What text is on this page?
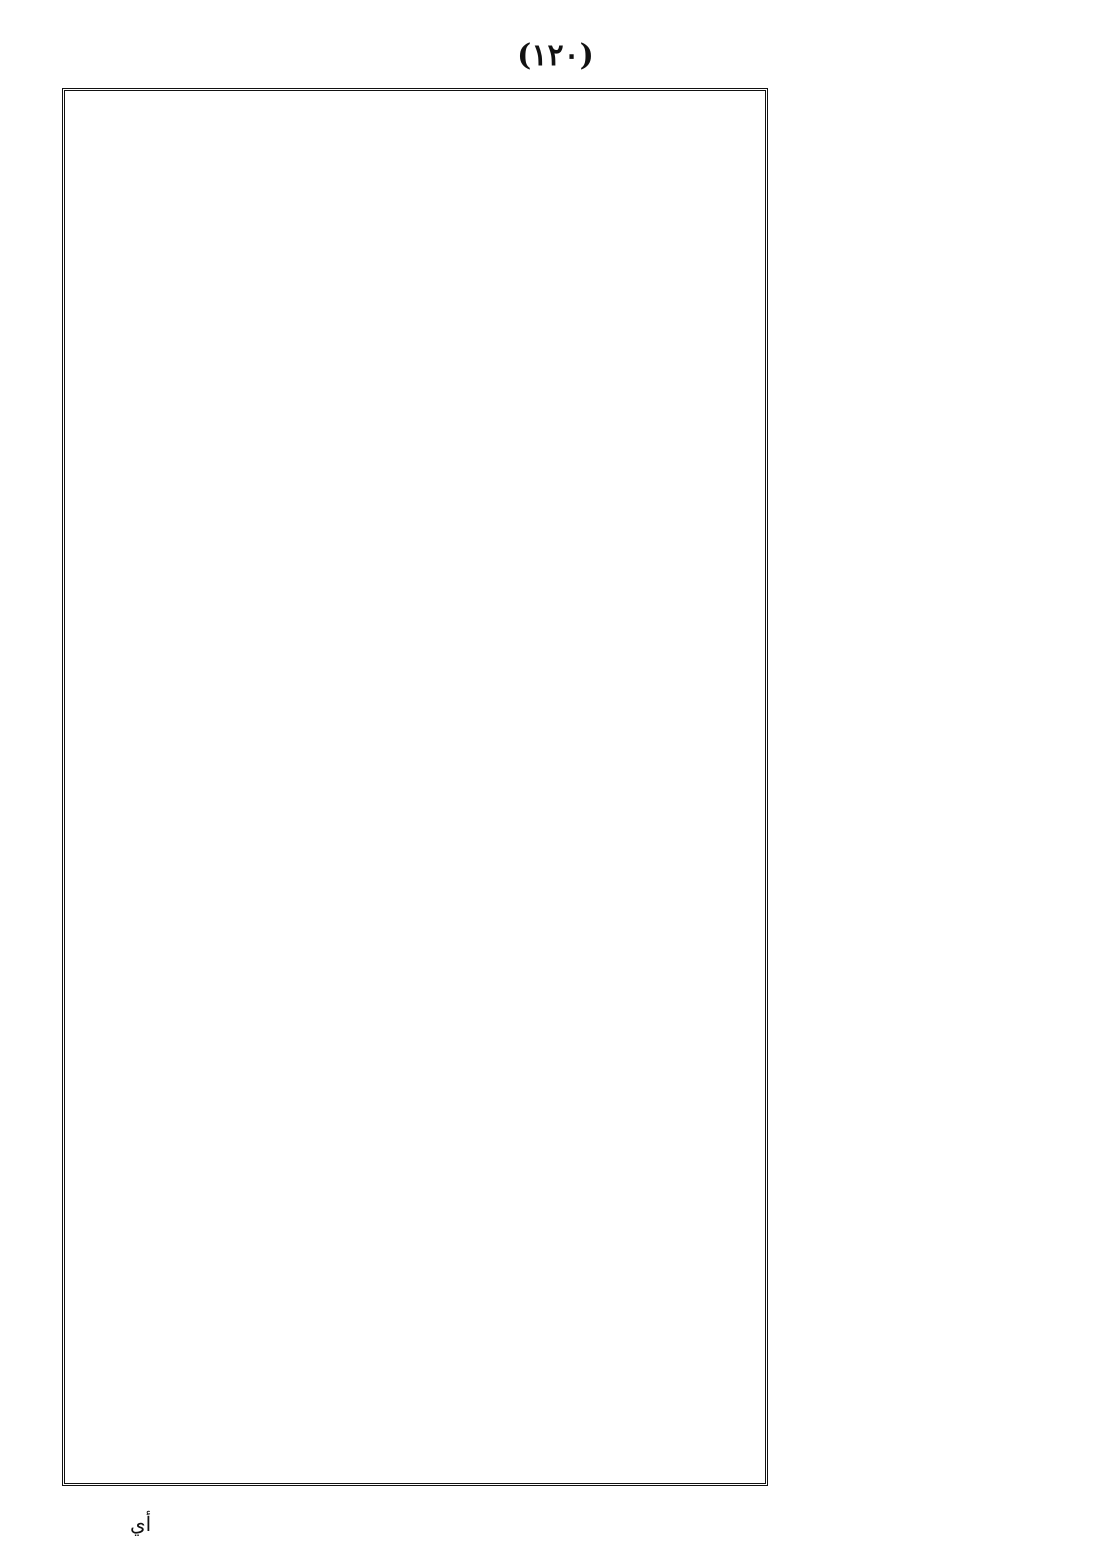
(١٢٠)
أي
